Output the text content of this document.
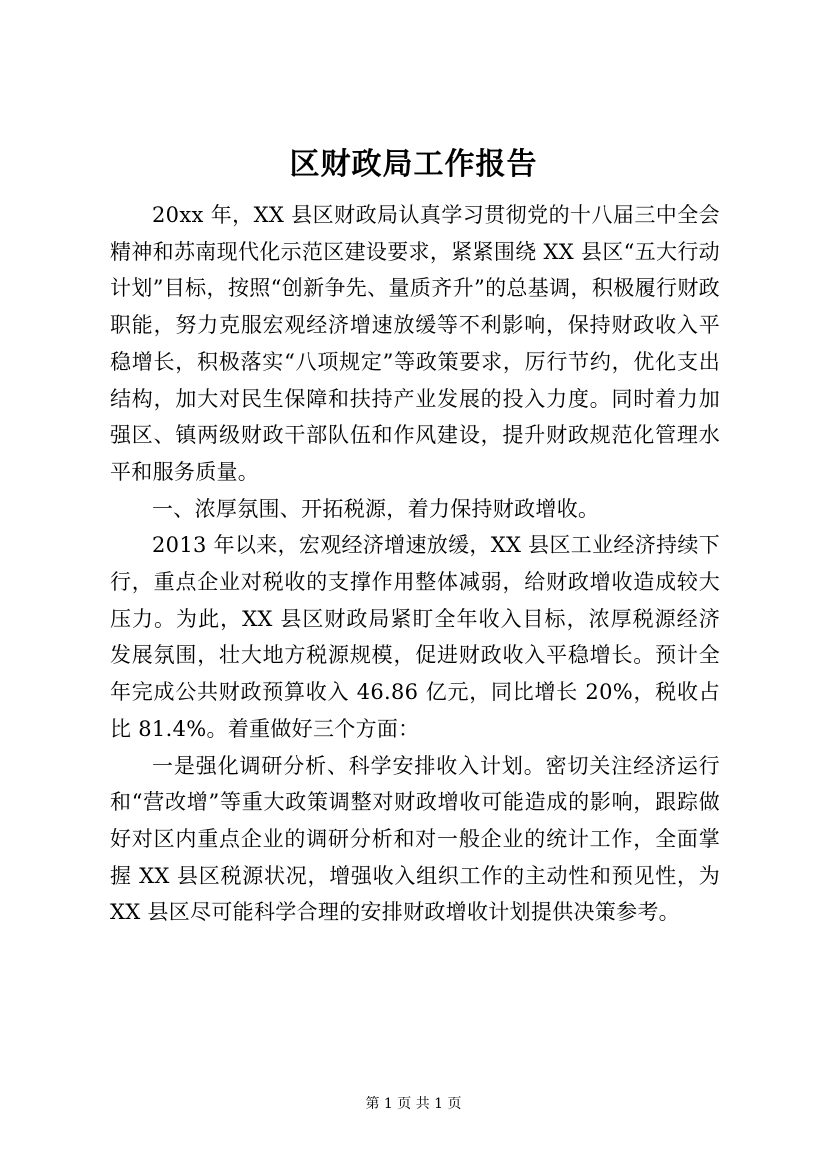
区财政局工作报告

20xx 年，XX 县区财政局认真学习贯彻党的十八届三中全会精神和苏南现代化示范区建设要求，紧紧围绕 XX 县区“五大行动计划”目标，按照“创新争先、量质齐升”的总基调，积极履行财政职能，努力克服宏观经济增速放缓等不利影响，保持财政收入平稳增长，积极落实“八项规定”等政策要求，厉行节约，优化支出结构，加大对民生保障和扶持产业发展的投入力度。同时着力加强区、镇两级财政干部队伍和作风建设，提升财政规范化管理水平和服务质量。

一、浓厚氛围、开拓税源，着力保持财政增收。

2013 年以来，宏观经济增速放缓，XX 县区工业经济持续下行，重点企业对税收的支撑作用整体减弱，给财政增收造成较大压力。为此，XX 县区财政局紧盯全年收入目标，浓厚税源经济发展氛围，壮大地方税源规模，促进财政收入平稳增长。预计全年完成公共财政预算收入 46.86 亿元，同比增长 20%，税收占比 81.4%。着重做好三个方面：

一是强化调研分析、科学安排收入计划。密切关注经济运行和“营改增”等重大政策调整对财政增收可能造成的影响，跟踪做好对区内重点企业的调研分析和对一般企业的统计工作，全面掌握 XX 县区税源状况，增强收入组织工作的主动性和预见性，为 XX 县区尽可能科学合理的安排财政增收计划提供决策参考。

第 1 页 共 1 页
